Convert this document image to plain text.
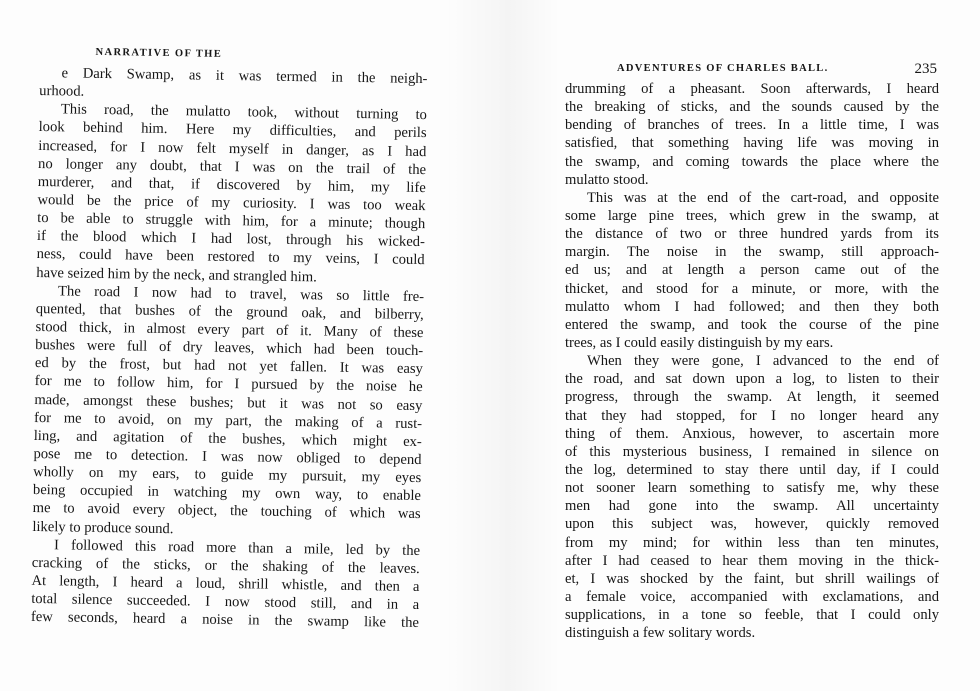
NARRATIVE OF THE
e Dark Swamp, as it was termed in the neigh-
urhood.
This road, the mulatto took, without turning to
look behind him. Here my difficulties, and perils
increased, for I now felt myself in danger, as I had
no longer any doubt, that I was on the trail of the
murderer, and that, if discovered by him, my life
would be the price of my curiosity. I was too weak
to be able to struggle with him, for a minute; though
if the blood which I had lost, through his wicked-
ness, could have been restored to my veins, I could
have seized him by the neck, and strangled him.
The road I now had to travel, was so little fre-
quented, that bushes of the ground oak, and bilberry,
stood thick, in almost every part of it. Many of these
bushes were full of dry leaves, which had been touch-
ed by the frost, but had not yet fallen. It was easy
for me to follow him, for I pursued by the noise he
made, amongst these bushes; but it was not so easy
for me to avoid, on my part, the making of a rust-
ling, and agitation of the bushes, which might ex-
pose me to detection. I was now obliged to depend
wholly on my ears, to guide my pursuit, my eyes
being occupied in watching my own way, to enable
me to avoid every object, the touching of which was
likely to produce sound.
I followed this road more than a mile, led by the
cracking of the sticks, or the shaking of the leaves.
At length, I heard a loud, shrill whistle, and then a
total silence succeeded. I now stood still, and in a
few seconds, heard a noise in the swamp like the
ADVENTURES OF CHARLES BALL.	235
drumming of a pheasant. Soon afterwards, I heard
the breaking of sticks, and the sounds caused by the
bending of branches of trees. In a little time, I was
satisfied, that something having life was moving in
the swamp, and coming towards the place where the
mulatto stood.
This was at the end of the cart-road, and opposite
some large pine trees, which grew in the swamp, at
the distance of two or three hundred yards from its
margin. The noise in the swamp, still approach-
ed us; and at length a person came out of the
thicket, and stood for a minute, or more, with the
mulatto whom I had followed; and then they both
entered the swamp, and took the course of the pine
trees, as I could easily distinguish by my ears.
When they were gone, I advanced to the end of
the road, and sat down upon a log, to listen to their
progress, through the swamp. At length, it seemed
that they had stopped, for I no longer heard any
thing of them. Anxious, however, to ascertain more
of this mysterious business, I remained in silence on
the log, determined to stay there until day, if I could
not sooner learn something to satisfy me, why these
men had gone into the swamp. All uncertainty
upon this subject was, however, quickly removed
from my mind; for within less than ten minutes,
after I had ceased to hear them moving in the thick-
et, I was shocked by the faint, but shrill wailings of
a female voice, accompanied with exclamations, and
supplications, in a tone so feeble, that I could only
distinguish a few solitary words.
